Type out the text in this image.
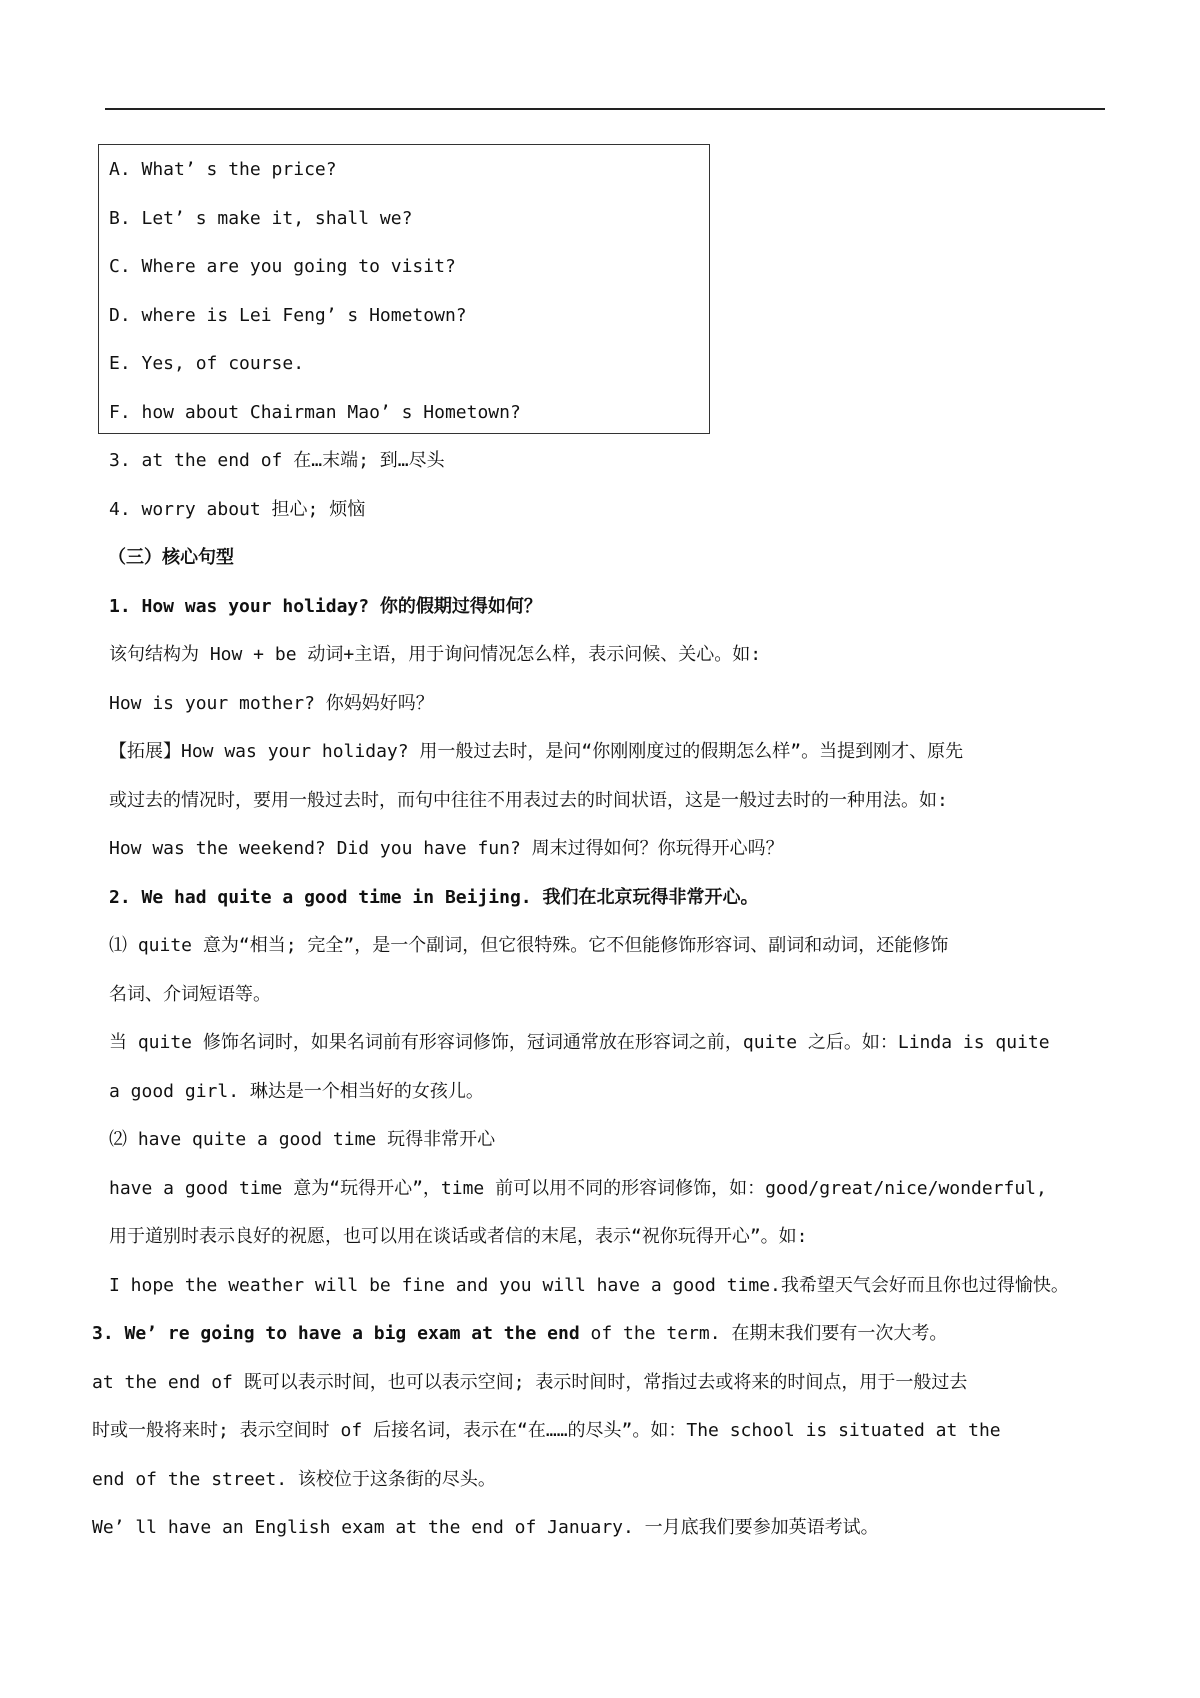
A. What’ s the price?
B. Let’ s make it, shall we?
C. Where are you going to visit?
D. where is Lei Feng’ s Hometown?
E. Yes, of course.
F. how about Chairman Mao’ s Hometown?
3. at the end of 在…末端; 到…尽头
4. worry about 担心; 烦恼
（三）核心句型
1. How was your holiday? 你的假期过得如何？
该句结构为 How + be 动词+主语，用于询问情况怎么样，表示问候、关心。如:
How is your mother? 你妈妈好吗？
【拓展】How was your holiday? 用一般过去时，是问“你刚刚度过的假期怎么样”。当提到刚才、原先
或过去的情况时，要用一般过去时，而句中往往不用表过去的时间状语，这是一般过去时的一种用法。如:
How was the weekend? Did you have fun? 周末过得如何？你玩得开心吗？
2. We had quite a good time in Beijing. 我们在北京玩得非常开心。
⑴ quite 意为“相当; 完全”，是一个副词，但它很特殊。它不但能修饰形容词、副词和动词，还能修饰
名词、介词短语等。
当 quite 修饰名词时，如果名词前有形容词修饰，冠词通常放在形容词之前，quite 之后。如：Linda is quite
a good girl. 琳达是一个相当好的女孩儿。
⑵ have quite a good time 玩得非常开心
have a good time 意为“玩得开心”，time 前可以用不同的形容词修饰，如：good/great/nice/wonderful,
用于道别时表示良好的祝愿，也可以用在谈话或者信的末尾，表示“祝你玩得开心”。如:
I hope the weather will be fine and you will have a good time.我希望天气会好而且你也过得愉快。
3. We’ re going to have a big exam at the end of the term. 在期末我们要有一次大考。
at the end of 既可以表示时间，也可以表示空间; 表示时间时，常指过去或将来的时间点，用于一般过去
时或一般将来时; 表示空间时 of 后接名词，表示在“在……的尽头”。如：The school is situated at the
end of the street. 该校位于这条街的尽头。
We’ ll have an English exam at the end of January. 一月底我们要参加英语考试。
